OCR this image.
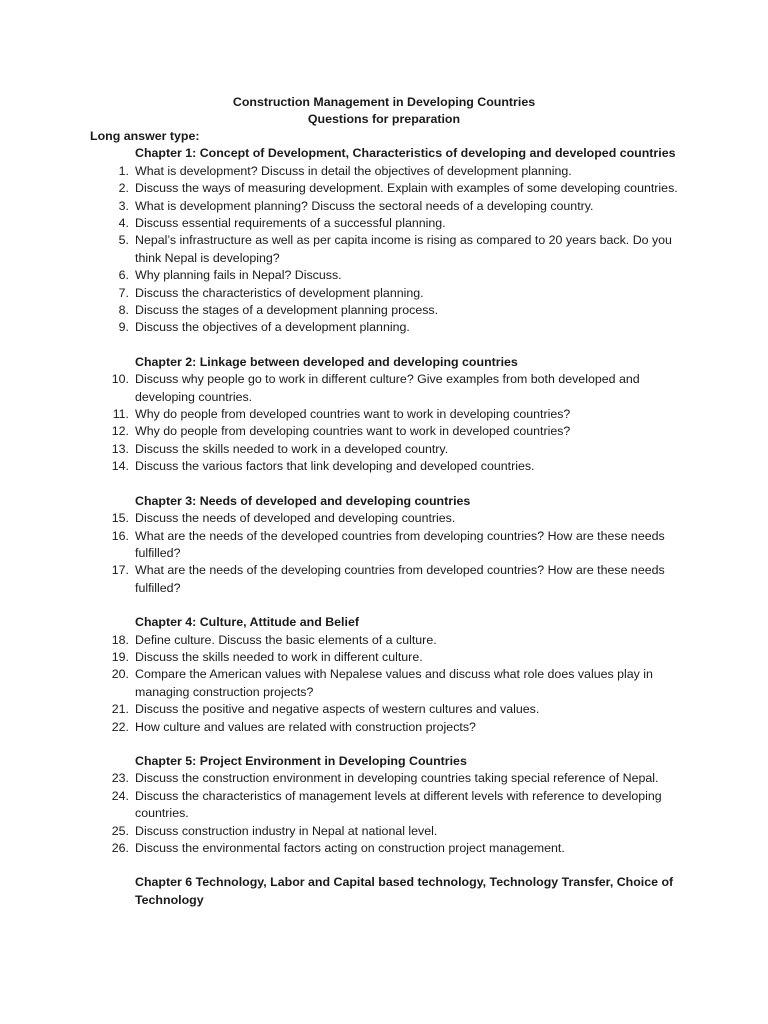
Construction Management in Developing Countries
Questions for preparation
Long answer type:
Chapter 1: Concept of Development, Characteristics of developing and developed countries
1. What is development? Discuss in detail the objectives of development planning.
2. Discuss the ways of measuring development. Explain with examples of some developing countries.
3. What is development planning? Discuss the sectoral needs of a developing country.
4. Discuss essential requirements of a successful planning.
5. Nepal’s infrastructure as well as per capita income is rising as compared to 20 years back. Do you think Nepal is developing?
6. Why planning fails in Nepal? Discuss.
7. Discuss the characteristics of development planning.
8. Discuss the stages of a development planning process.
9. Discuss the objectives of a development planning.
Chapter 2: Linkage between developed and developing countries
10. Discuss why people go to work in different culture? Give examples from both developed and developing countries.
11. Why do people from developed countries want to work in developing countries?
12. Why do people from developing countries want to work in developed countries?
13. Discuss the skills needed to work in a developed country.
14. Discuss the various factors that link developing and developed countries.
Chapter 3: Needs of developed and developing countries
15. Discuss the needs of developed and developing countries.
16. What are the needs of the developed countries from developing countries? How are these needs fulfilled?
17. What are the needs of the developing countries from developed countries? How are these needs fulfilled?
Chapter 4: Culture, Attitude and Belief
18. Define culture. Discuss the basic elements of a culture.
19. Discuss the skills needed to work in different culture.
20. Compare the American values with Nepalese values and discuss what role does values play in managing construction projects?
21. Discuss the positive and negative aspects of western cultures and values.
22. How culture and values are related with construction projects?
Chapter 5: Project Environment in Developing Countries
23. Discuss the construction environment in developing countries taking special reference of Nepal.
24. Discuss the characteristics of management levels at different levels with reference to developing countries.
25. Discuss construction industry in Nepal at national level.
26. Discuss the environmental factors acting on construction project management.
Chapter 6 Technology, Labor and Capital based technology, Technology Transfer, Choice of Technology
